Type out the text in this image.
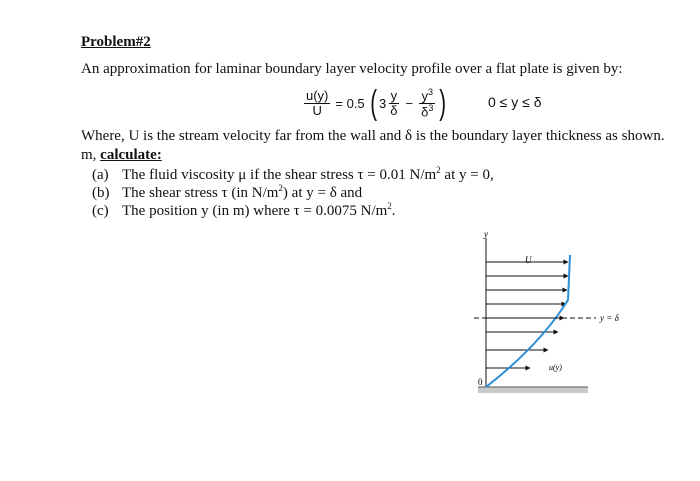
Problem#2
An approximation for laminar boundary layer velocity profile over a flat plate is given by:
$\frac{u(y)}{U} = 0.5$ ( $3 \frac{y}{\delta} - \frac{y^3}{\delta^3}$ )	0 ≤ y ≤ δ
Where, U is the stream velocity far from the wall and δ is the boundary layer thickness as shown.
m, calculate:
(a) The fluid viscosity μ if the shear stress τ = 0.01 $N/m^2$ at y = 0,
(b) The shear stress τ (in $N/m^2$) at y = δ and
(c) The position y (in m) where τ = 0.0075 $N/m^2$.
y
0
U
y = δ
u(y)
